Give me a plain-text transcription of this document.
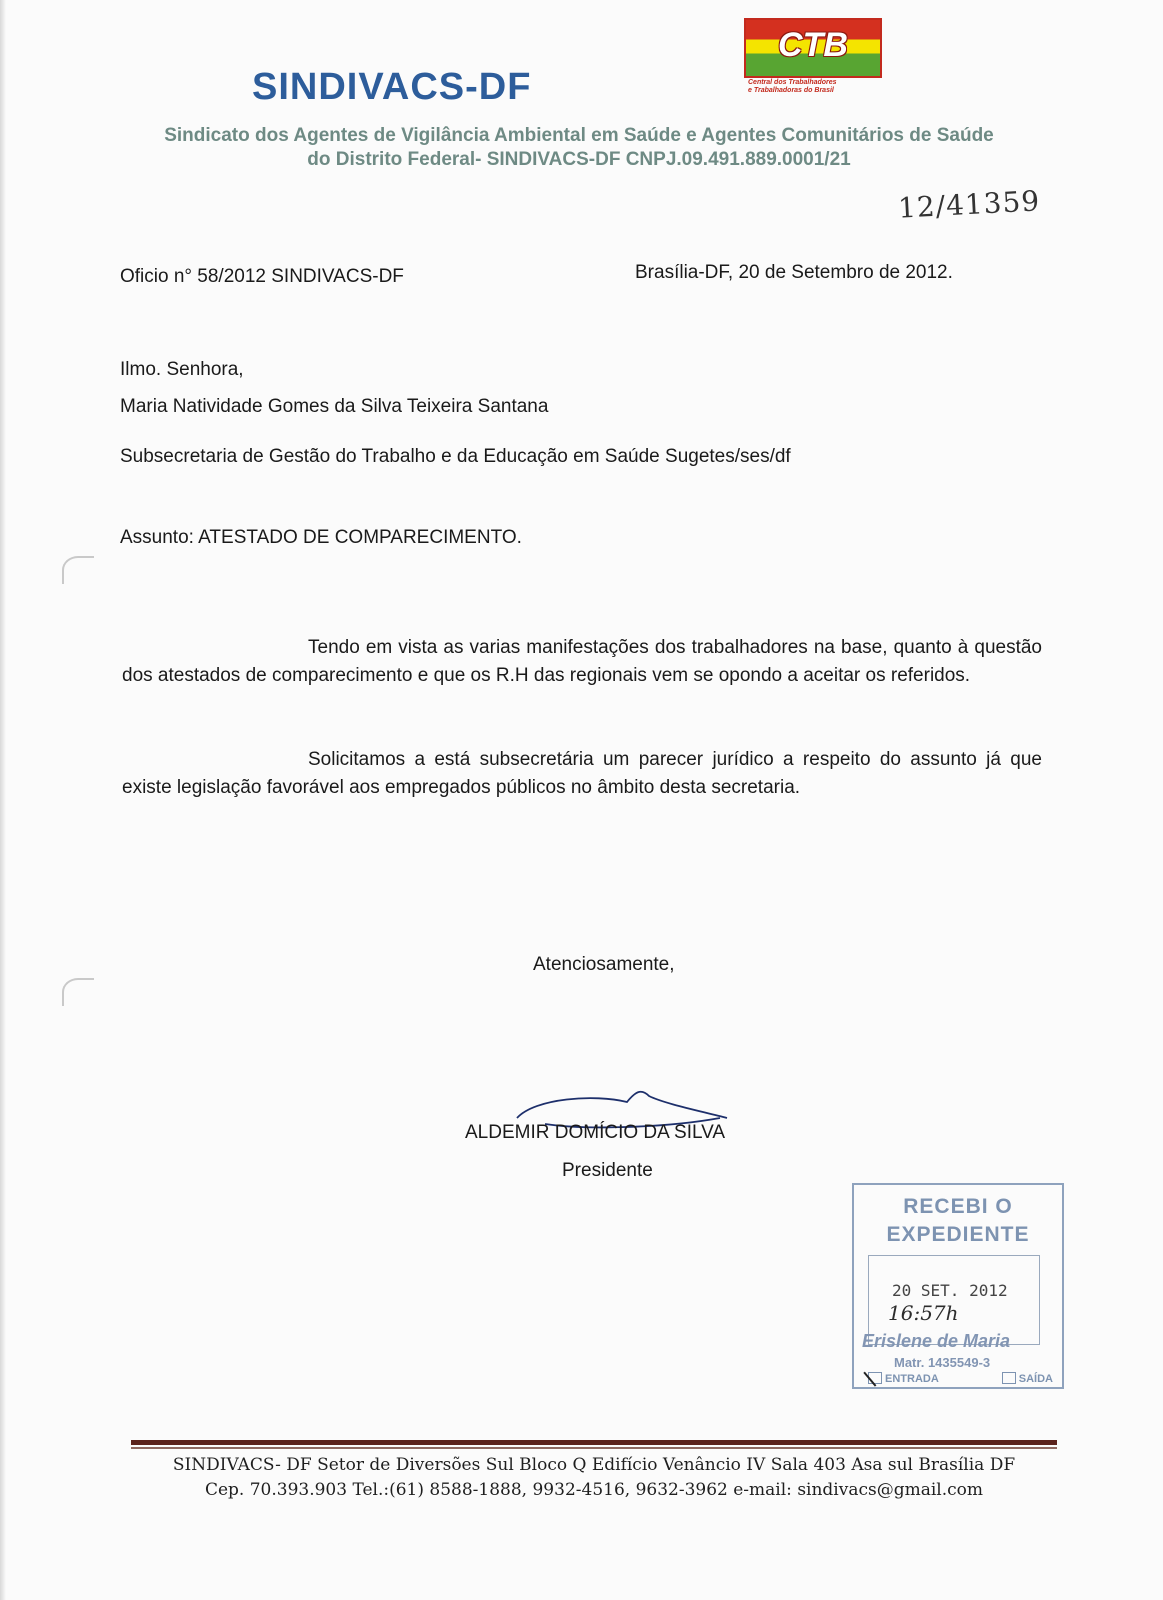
SINDIVACS-DF
CTB
Central dos Trabalhadores
e Trabalhadoras do Brasil
Sindicato dos Agentes de Vigilância Ambiental em Saúde e Agentes Comunitários de Saúde
do Distrito Federal- SINDIVACS-DF CNPJ.09.491.889.0001/21
12/41359
Oficio n° 58/2012 SINDIVACS-DF	Brasília-DF, 20 de Setembro de 2012.
Ilmo. Senhora,
Maria Natividade Gomes da Silva Teixeira Santana
Subsecretaria de Gestão do Trabalho e da Educação em Saúde Sugetes/ses/df
Assunto: ATESTADO DE COMPARECIMENTO.
Tendo em vista as varias manifestações dos trabalhadores na base, quanto à questão dos atestados de comparecimento e que os R.H das regionais vem se opondo a aceitar os referidos.
Solicitamos a está subsecretária um parecer jurídico a respeito do assunto já que existe legislação favorável aos empregados públicos no âmbito desta secretaria.
Atenciosamente,
ALDEMIR DOMÍCIO DA SILVA
Presidente
RECEBI O
EXPEDIENTE
20 SET. 2012
16:57h
Erislene de Maria
Matr. 1435549-3
ENTRADA	SAÍDA
SINDIVACS- DF Setor de Diversões Sul Bloco Q Edifício Venâncio IV Sala 403 Asa sul Brasília DF
Cep. 70.393.903 Tel.:(61) 8588-1888, 9932-4516, 9632-3962 e-mail: sindivacs@gmail.com
